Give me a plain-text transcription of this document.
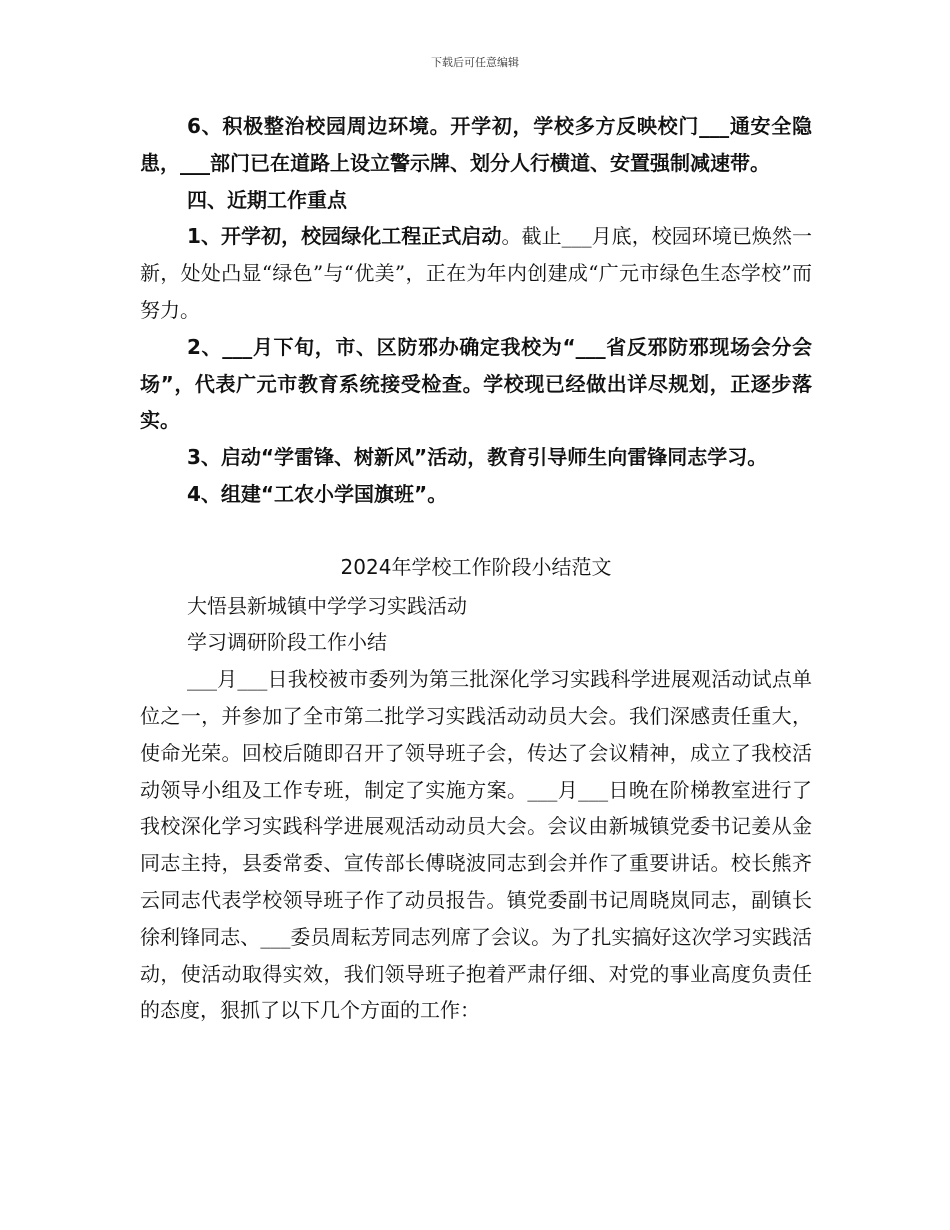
下载后可任意编辑

6、积极整治校园周边环境。开学初，学校多方反映校门___通安全隐患，___部门已在道路上设立警示牌、划分人行横道、安置强制减速带。

四、近期工作重点

1、开学初，校园绿化工程正式启动。截止___月底，校园环境已焕然一新，处处凸显“绿色”与“优美”，正在为年内创建成“广元市绿色生态学校”而努力。

2、___月下旬，市、区防邪办确定我校为“___省反邪防邪现场会分会场”，代表广元市教育系统接受检查。学校现已经做出详尽规划，正逐步落实。

3、启动“学雷锋、树新风”活动，教育引导师生向雷锋同志学习。

4、组建“工农小学国旗班”。

2024年学校工作阶段小结范文

大悟县新城镇中学学习实践活动

学习调研阶段工作小结

___月___日我校被市委列为第三批深化学习实践科学进展观活动试点单位之一，并参加了全市第二批学习实践活动动员大会。我们深感责任重大，使命光荣。回校后随即召开了领导班子会，传达了会议精神，成立了我校活动领导小组及工作专班，制定了实施方案。___月___日晚在阶梯教室进行了我校深化学习实践科学进展观活动动员大会。会议由新城镇党委书记姜从金同志主持，县委常委、宣传部长傅晓波同志到会并作了重要讲话。校长熊齐云同志代表学校领导班子作了动员报告。镇党委副书记周晓岚同志，副镇长徐利锋同志、___委员周耘芳同志列席了会议。为了扎实搞好这次学习实践活动，使活动取得实效，我们领导班子抱着严肃仔细、对党的事业高度负责任的态度，狠抓了以下几个方面的工作：
